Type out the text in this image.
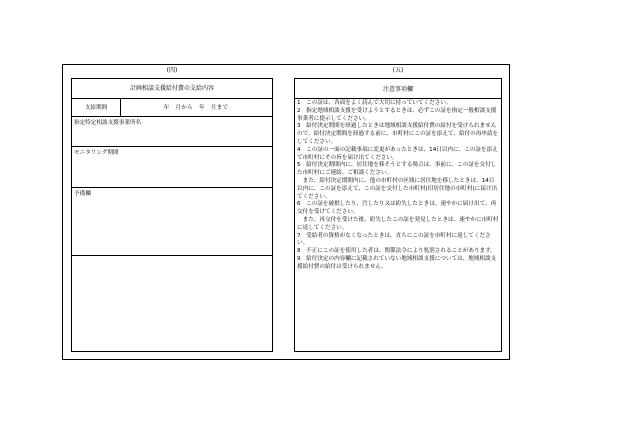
(四)	(五)
計画相談支援給付費の支給内容
支給期間	年　月から　年　月まで
指定特定相談支援事業所名
モニタリング期間
予備欄
注意事項欄
1　この証は、各面をよく読んで大切に持っていてください。
2　指定地域相談支援を受けようとするときは、必ずこの証を指定一般相談支援事業者に提示してください。
3　給付決定期間を経過したときは地域相談支援給付費の給付を受けられませんので、給付決定期間を経過する前に、市町村にこの証を添えて、給付の再申請をしてください。
4　この証の一面の記載事項に変更があったときは、14日以内に、この証を添えて市町村にその旨を届け出てください。
5　給付決定期間内に、居住地を移そうとする場合は、事前に、この証を交付した市町村にご連絡、ご相談ください。
　また、給付決定期間内に、他の市町村の区域に居住地を移したときは、14日以内に、この証を添えて、この証を交付した市町村(旧居住地の市町村)に届け出てください。
6　この証を破損したり、汚したり又は紛失したときは、速やかに届け出て、再交付を受けてください。
　また、再交付を受けた後、紛失したこの証を発見したときは、速やかに市町村に返してください。
7　受給者の資格がなくなったときは、直ちにこの証を市町村に返してください。
8　不正にこの証を使用した者は、関係法令により処罰されることがあります。
9　給付決定の内容欄に記載されていない地域相談支援については、地域相談支援給付費の給付は受けられません。
